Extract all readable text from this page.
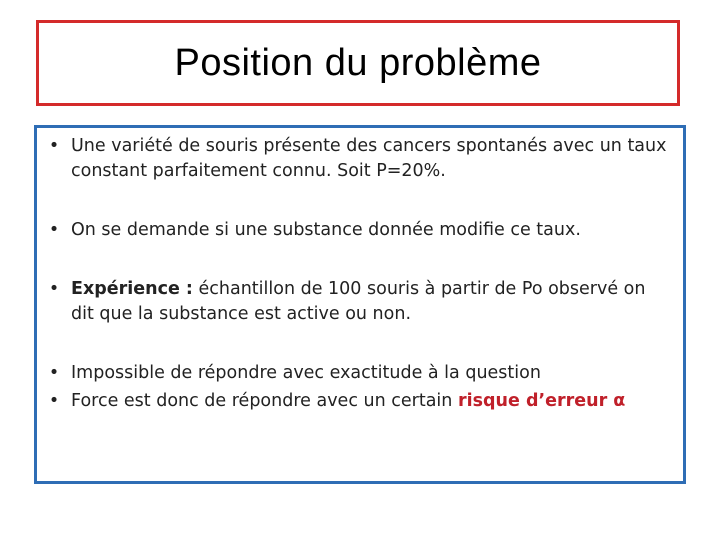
Position du problème
• Une variété de souris présente des cancers spontanés avec un taux constant parfaitement connu. Soit P=20%.
• On se demande si une substance donnée modifie ce taux.
• Expérience : échantillon de 100 souris à partir de Po observé on dit que la substance est active ou non.
• Impossible de répondre avec exactitude à la question
• Force est donc de répondre avec un certain risque d’erreur α
